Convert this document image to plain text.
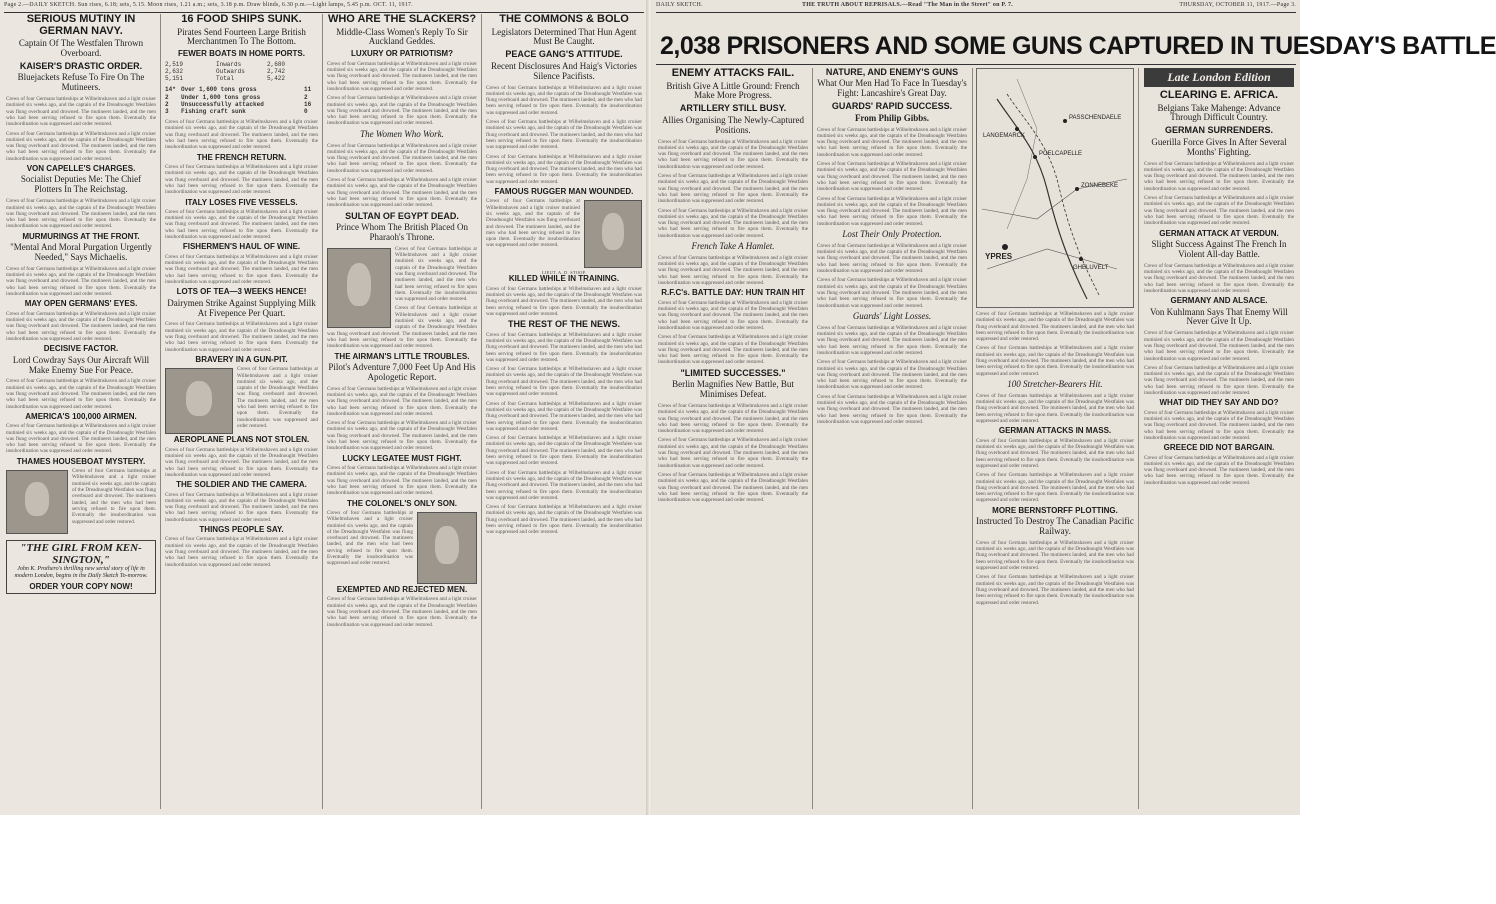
Page 2.—DAILY SKETCH. Sun rises, 6.18; sets, 5.15. Moon rises, 1.21 a.m.; sets, 3.18 p.m. Draw blinds, 6.30 p.m.—Light lamps, 5.45 p.m. OCT. 11, 1917.
SERIOUS MUTINY IN GERMAN NAVY.
Captain Of The Westfalen Thrown Overboard.
KAISER'S DRASTIC ORDER.
Bluejackets Refuse To Fire On The Mutineers.

Crews of four Germans battleships at Wilhelmshaven and a light cruiser mutinied six weeks ago, and the captain of the Dreadnought Westfalen was flung overboard and drowned. The mutineers landed, and the men who had been serving refused to fire upon them. Eventually the insubordination was suppressed and order restored.

Crews of four Germans battleships at Wilhelmshaven and a light cruiser mutinied six weeks ago, and the captain of the Dreadnought Westfalen was flung overboard and drowned. The mutineers landed, and the men who had been serving refused to fire upon them. Eventually the insubordination was suppressed and order restored.

VON CAPELLE'S CHARGES.
Socialist Deputies Me: The Chief Plotters In The Reichstag.

Crews of four Germans battleships at Wilhelmshaven and a light cruiser mutinied six weeks ago, and the captain of the Dreadnought Westfalen was flung overboard and drowned. The mutineers landed, and the men who had been serving refused to fire upon them. Eventually the insubordination was suppressed and order restored.

MURMURINGS AT THE FRONT.
"Mental And Moral Purgation Urgently Needed," Says Michaelis.

Crews of four Germans battleships at Wilhelmshaven and a light cruiser mutinied six weeks ago, and the captain of the Dreadnought Westfalen was flung overboard and drowned. The mutineers landed, and the men who had been serving refused to fire upon them. Eventually the insubordination was suppressed and order restored.

MAY OPEN GERMANS' EYES.

Crews of four Germans battleships at Wilhelmshaven and a light cruiser mutinied six weeks ago, and the captain of the Dreadnought Westfalen was flung overboard and drowned. The mutineers landed, and the men who had been serving refused to fire upon them. Eventually the insubordination was suppressed and order restored.

DECISIVE FACTOR.
Lord Cowdray Says Our Aircraft Will Make Enemy Sue For Peace.

Crews of four Germans battleships at Wilhelmshaven and a light cruiser mutinied six weeks ago, and the captain of the Dreadnought Westfalen was flung overboard and drowned. The mutineers landed, and the men who had been serving refused to fire upon them. Eventually the insubordination was suppressed and order restored.

AMERICA'S 100,000 AIRMEN.

Crews of four Germans battleships at Wilhelmshaven and a light cruiser mutinied six weeks ago, and the captain of the Dreadnought Westfalen was flung overboard and drowned. The mutineers landed, and the men who had been serving refused to fire upon them. Eventually the insubordination was suppressed and order restored.

THAMES HOUSEBOAT MYSTERY.

Crews of four Germans battleships at Wilhelmshaven and a light cruiser mutinied six weeks ago, and the captain of the Dreadnought Westfalen was flung overboard and drowned. The mutineers landed, and the men who had been serving refused to fire upon them. Eventually the insubordination was suppressed and order restored.

"THE GIRL FROM KEN-SINGTON,"
John K. Prothero's thrilling new serial story of life in modern London, begins in the Daily Sketch To-morrow.
ORDER YOUR COPY NOW!
16 FOOD SHIPS SUNK.
Pirates Send Fourteen Large British Merchantmen To The Bottom.
FEWER BOATS IN HOME PORTS.
2,519	Inwards	2,680
2,632	Outwards	2,742
5,151	Total	5,422
14* Over 1,600 tons gross	11
2	Under 1,600 tons gross	2
2	Unsuccessfully attacked	16
3	Fishing craft sunk	0

Crews of four Germans battleships at Wilhelmshaven and a light cruiser mutinied six weeks ago, and the captain of the Dreadnought Westfalen was flung overboard and drowned. The mutineers landed, and the men who had been serving refused to fire upon them. Eventually the insubordination was suppressed and order restored.

THE FRENCH RETURN.

Crews of four Germans battleships at Wilhelmshaven and a light cruiser mutinied six weeks ago, and the captain of the Dreadnought Westfalen was flung overboard and drowned. The mutineers landed, and the men who had been serving refused to fire upon them. Eventually the insubordination was suppressed and order restored.

ITALY LOSES FIVE VESSELS.

Crews of four Germans battleships at Wilhelmshaven and a light cruiser mutinied six weeks ago, and the captain of the Dreadnought Westfalen was flung overboard and drowned. The mutineers landed, and the men who had been serving refused to fire upon them. Eventually the insubordination was suppressed and order restored.

FISHERMEN'S HAUL OF WINE.

Crews of four Germans battleships at Wilhelmshaven and a light cruiser mutinied six weeks ago, and the captain of the Dreadnought Westfalen was flung overboard and drowned. The mutineers landed, and the men who had been serving refused to fire upon them. Eventually the insubordination was suppressed and order restored.

LOTS OF TEA—3 WEEKS HENCE!
Dairymen Strike Against Supplying Milk At Fivepence Per Quart.

Crews of four Germans battleships at Wilhelmshaven and a light cruiser mutinied six weeks ago, and the captain of the Dreadnought Westfalen was flung overboard and drowned. The mutineers landed, and the men who had been serving refused to fire upon them. Eventually the insubordination was suppressed and order restored.

BRAVERY IN A GUN-PIT.

Crews of four Germans battleships at Wilhelmshaven and a light cruiser mutinied six weeks ago, and the captain of the Dreadnought Westfalen was flung overboard and drowned. The mutineers landed, and the men who had been serving refused to fire upon them. Eventually the insubordination was suppressed and order restored.

AEROPLANE PLANS NOT STOLEN.

Crews of four Germans battleships at Wilhelmshaven and a light cruiser mutinied six weeks ago, and the captain of the Dreadnought Westfalen was flung overboard and drowned. The mutineers landed, and the men who had been serving refused to fire upon them. Eventually the insubordination was suppressed and order restored.

THE SOLDIER AND THE CAMERA.

Crews of four Germans battleships at Wilhelmshaven and a light cruiser mutinied six weeks ago, and the captain of the Dreadnought Westfalen was flung overboard and drowned. The mutineers landed, and the men who had been serving refused to fire upon them. Eventually the insubordination was suppressed and order restored.

THINGS PEOPLE SAY.

Crews of four Germans battleships at Wilhelmshaven and a light cruiser mutinied six weeks ago, and the captain of the Dreadnought Westfalen was flung overboard and drowned. The mutineers landed, and the men who had been serving refused to fire upon them. Eventually the insubordination was suppressed and order restored.

WHO ARE THE SLACKERS?
Middle-Class Women's Reply To Sir Auckland Geddes.
LUXURY OR PATRIOTISM?

Crews of four Germans battleships at Wilhelmshaven and a light cruiser mutinied six weeks ago, and the captain of the Dreadnought Westfalen was flung overboard and drowned. The mutineers landed, and the men who had been serving refused to fire upon them. Eventually the insubordination was suppressed and order restored.

Crews of four Germans battleships at Wilhelmshaven and a light cruiser mutinied six weeks ago, and the captain of the Dreadnought Westfalen was flung overboard and drowned. The mutineers landed, and the men who had been serving refused to fire upon them. Eventually the insubordination was suppressed and order restored.

The Women Who Work.

Crews of four Germans battleships at Wilhelmshaven and a light cruiser mutinied six weeks ago, and the captain of the Dreadnought Westfalen was flung overboard and drowned. The mutineers landed, and the men who had been serving refused to fire upon them. Eventually the insubordination was suppressed and order restored.

Crews of four Germans battleships at Wilhelmshaven and a light cruiser mutinied six weeks ago, and the captain of the Dreadnought Westfalen was flung overboard and drowned. The mutineers landed, and the men who had been serving refused to fire upon them. Eventually the insubordination was suppressed and order restored.

SULTAN OF EGYPT DEAD.
Prince Whom The British Placed On Pharaoh's Throne.

Crews of four Germans battleships at Wilhelmshaven and a light cruiser mutinied six weeks ago, and the captain of the Dreadnought Westfalen was flung overboard and drowned. The mutineers landed, and the men who had been serving refused to fire upon them. Eventually the insubordination was suppressed and order restored.

Crews of four Germans battleships at Wilhelmshaven and a light cruiser mutinied six weeks ago, and the captain of the Dreadnought Westfalen was flung overboard and drowned. The mutineers landed, and the men who had been serving refused to fire upon them. Eventually the insubordination was suppressed and order restored.

THE AIRMAN'S LITTLE TROUBLES.
Pilot's Adventure 7,000 Feet Up And His Apologetic Report.

Crews of four Germans battleships at Wilhelmshaven and a light cruiser mutinied six weeks ago, and the captain of the Dreadnought Westfalen was flung overboard and drowned. The mutineers landed, and the men who had been serving refused to fire upon them. Eventually the insubordination was suppressed and order restored.

Crews of four Germans battleships at Wilhelmshaven and a light cruiser mutinied six weeks ago, and the captain of the Dreadnought Westfalen was flung overboard and drowned. The mutineers landed, and the men who had been serving refused to fire upon them. Eventually the insubordination was suppressed and order restored.

LUCKY LEGATEE MUST FIGHT.

Crews of four Germans battleships at Wilhelmshaven and a light cruiser mutinied six weeks ago, and the captain of the Dreadnought Westfalen was flung overboard and drowned. The mutineers landed, and the men who had been serving refused to fire upon them. Eventually the insubordination was suppressed and order restored.

THE COLONEL'S ONLY SON.

Crews of four Germans battleships at Wilhelmshaven and a light cruiser mutinied six weeks ago, and the captain of the Dreadnought Westfalen was flung overboard and drowned. The mutineers landed, and the men who had been serving refused to fire upon them. Eventually the insubordination was suppressed and order restored.

EXEMPTED AND REJECTED MEN.

Crews of four Germans battleships at Wilhelmshaven and a light cruiser mutinied six weeks ago, and the captain of the Dreadnought Westfalen was flung overboard and drowned. The mutineers landed, and the men who had been serving refused to fire upon them. Eventually the insubordination was suppressed and order restored.

THE COMMONS & BOLO
Legislators Determined That Hun Agent Must Be Caught.
PEACE GANG'S ATTITUDE.
Recent Disclosures And Haig's Victories Silence Pacifists.

Crews of four Germans battleships at Wilhelmshaven and a light cruiser mutinied six weeks ago, and the captain of the Dreadnought Westfalen was flung overboard and drowned. The mutineers landed, and the men who had been serving refused to fire upon them. Eventually the insubordination was suppressed and order restored.

Crews of four Germans battleships at Wilhelmshaven and a light cruiser mutinied six weeks ago, and the captain of the Dreadnought Westfalen was flung overboard and drowned. The mutineers landed, and the men who had been serving refused to fire upon them. Eventually the insubordination was suppressed and order restored.

Crews of four Germans battleships at Wilhelmshaven and a light cruiser mutinied six weeks ago, and the captain of the Dreadnought Westfalen was flung overboard and drowned. The mutineers landed, and the men who had been serving refused to fire upon them. Eventually the insubordination was suppressed and order restored.

FAMOUS RUGGER MAN WOUNDED.

Crews of four Germans battleships at Wilhelmshaven and a light cruiser mutinied six weeks ago, and the captain of the Dreadnought Westfalen was flung overboard and drowned. The mutineers landed, and the men who had been serving refused to fire upon them. Eventually the insubordination was suppressed and order restored.

LIEUT. A. D. STOOP.
KILLED WHILE IN TRAINING.

Crews of four Germans battleships at Wilhelmshaven and a light cruiser mutinied six weeks ago, and the captain of the Dreadnought Westfalen was flung overboard and drowned. The mutineers landed, and the men who had been serving refused to fire upon them. Eventually the insubordination was suppressed and order restored.

THE REST OF THE NEWS.

Crews of four Germans battleships at Wilhelmshaven and a light cruiser mutinied six weeks ago, and the captain of the Dreadnought Westfalen was flung overboard and drowned. The mutineers landed, and the men who had been serving refused to fire upon them. Eventually the insubordination was suppressed and order restored.

Crews of four Germans battleships at Wilhelmshaven and a light cruiser mutinied six weeks ago, and the captain of the Dreadnought Westfalen was flung overboard and drowned. The mutineers landed, and the men who had been serving refused to fire upon them. Eventually the insubordination was suppressed and order restored.

Crews of four Germans battleships at Wilhelmshaven and a light cruiser mutinied six weeks ago, and the captain of the Dreadnought Westfalen was flung overboard and drowned. The mutineers landed, and the men who had been serving refused to fire upon them. Eventually the insubordination was suppressed and order restored.

Crews of four Germans battleships at Wilhelmshaven and a light cruiser mutinied six weeks ago, and the captain of the Dreadnought Westfalen was flung overboard and drowned. The mutineers landed, and the men who had been serving refused to fire upon them. Eventually the insubordination was suppressed and order restored.

Crews of four Germans battleships at Wilhelmshaven and a light cruiser mutinied six weeks ago, and the captain of the Dreadnought Westfalen was flung overboard and drowned. The mutineers landed, and the men who had been serving refused to fire upon them. Eventually the insubordination was suppressed and order restored.

Crews of four Germans battleships at Wilhelmshaven and a light cruiser mutinied six weeks ago, and the captain of the Dreadnought Westfalen was flung overboard and drowned. The mutineers landed, and the men who had been serving refused to fire upon them. Eventually the insubordination was suppressed and order restored.

DAILY SKETCH.	THE TRUTH ABOUT REPRISALS.—Read "The Man in the Street" on P. 7.	THURSDAY, OCTOBER 11, 1917.—Page 3.
2,038 PRISONERS AND SOME GUNS CAPTURED IN TUESDAY'S BATTLE
ENEMY ATTACKS FAIL.
British Give A Little Ground: French Make More Progress.
ARTILLERY STILL BUSY.
Allies Organising The Newly-Captured Positions.

Crews of four Germans battleships at Wilhelmshaven and a light cruiser mutinied six weeks ago, and the captain of the Dreadnought Westfalen was flung overboard and drowned. The mutineers landed, and the men who had been serving refused to fire upon them. Eventually the insubordination was suppressed and order restored.

Crews of four Germans battleships at Wilhelmshaven and a light cruiser mutinied six weeks ago, and the captain of the Dreadnought Westfalen was flung overboard and drowned. The mutineers landed, and the men who had been serving refused to fire upon them. Eventually the insubordination was suppressed and order restored.

Crews of four Germans battleships at Wilhelmshaven and a light cruiser mutinied six weeks ago, and the captain of the Dreadnought Westfalen was flung overboard and drowned. The mutineers landed, and the men who had been serving refused to fire upon them. Eventually the insubordination was suppressed and order restored.

French Take A Hamlet.

Crews of four Germans battleships at Wilhelmshaven and a light cruiser mutinied six weeks ago, and the captain of the Dreadnought Westfalen was flung overboard and drowned. The mutineers landed, and the men who had been serving refused to fire upon them. Eventually the insubordination was suppressed and order restored.

R.F.C's. BATTLE DAY: HUN TRAIN HIT

Crews of four Germans battleships at Wilhelmshaven and a light cruiser mutinied six weeks ago, and the captain of the Dreadnought Westfalen was flung overboard and drowned. The mutineers landed, and the men who had been serving refused to fire upon them. Eventually the insubordination was suppressed and order restored.

Crews of four Germans battleships at Wilhelmshaven and a light cruiser mutinied six weeks ago, and the captain of the Dreadnought Westfalen was flung overboard and drowned. The mutineers landed, and the men who had been serving refused to fire upon them. Eventually the insubordination was suppressed and order restored.

"LIMITED SUCCESSES."
Berlin Magnifies New Battle, But Minimises Defeat.

Crews of four Germans battleships at Wilhelmshaven and a light cruiser mutinied six weeks ago, and the captain of the Dreadnought Westfalen was flung overboard and drowned. The mutineers landed, and the men who had been serving refused to fire upon them. Eventually the insubordination was suppressed and order restored.

Crews of four Germans battleships at Wilhelmshaven and a light cruiser mutinied six weeks ago, and the captain of the Dreadnought Westfalen was flung overboard and drowned. The mutineers landed, and the men who had been serving refused to fire upon them. Eventually the insubordination was suppressed and order restored.

Crews of four Germans battleships at Wilhelmshaven and a light cruiser mutinied six weeks ago, and the captain of the Dreadnought Westfalen was flung overboard and drowned. The mutineers landed, and the men who had been serving refused to fire upon them. Eventually the insubordination was suppressed and order restored.

NATURE, AND ENEMY'S GUNS
What Our Men Had To Face In Tuesday's Fight: Lancashire's Great Day.
GUARDS' RAPID SUCCESS.
From Philip Gibbs.

Crews of four Germans battleships at Wilhelmshaven and a light cruiser mutinied six weeks ago, and the captain of the Dreadnought Westfalen was flung overboard and drowned. The mutineers landed, and the men who had been serving refused to fire upon them. Eventually the insubordination was suppressed and order restored.

Crews of four Germans battleships at Wilhelmshaven and a light cruiser mutinied six weeks ago, and the captain of the Dreadnought Westfalen was flung overboard and drowned. The mutineers landed, and the men who had been serving refused to fire upon them. Eventually the insubordination was suppressed and order restored.

Crews of four Germans battleships at Wilhelmshaven and a light cruiser mutinied six weeks ago, and the captain of the Dreadnought Westfalen was flung overboard and drowned. The mutineers landed, and the men who had been serving refused to fire upon them. Eventually the insubordination was suppressed and order restored.

Lost Their Only Protection.

Crews of four Germans battleships at Wilhelmshaven and a light cruiser mutinied six weeks ago, and the captain of the Dreadnought Westfalen was flung overboard and drowned. The mutineers landed, and the men who had been serving refused to fire upon them. Eventually the insubordination was suppressed and order restored.

Crews of four Germans battleships at Wilhelmshaven and a light cruiser mutinied six weeks ago, and the captain of the Dreadnought Westfalen was flung overboard and drowned. The mutineers landed, and the men who had been serving refused to fire upon them. Eventually the insubordination was suppressed and order restored.

Guards' Light Losses.

Crews of four Germans battleships at Wilhelmshaven and a light cruiser mutinied six weeks ago, and the captain of the Dreadnought Westfalen was flung overboard and drowned. The mutineers landed, and the men who had been serving refused to fire upon them. Eventually the insubordination was suppressed and order restored.

Crews of four Germans battleships at Wilhelmshaven and a light cruiser mutinied six weeks ago, and the captain of the Dreadnought Westfalen was flung overboard and drowned. The mutineers landed, and the men who had been serving refused to fire upon them. Eventually the insubordination was suppressed and order restored.

Crews of four Germans battleships at Wilhelmshaven and a light cruiser mutinied six weeks ago, and the captain of the Dreadnought Westfalen was flung overboard and drowned. The mutineers landed, and the men who had been serving refused to fire upon them. Eventually the insubordination was suppressed and order restored.

PASSCHENDAELE
POELCAPELLE
LANGEMARCK
ZONNEBEKE
YPRES
GHELUVELT

Crews of four Germans battleships at Wilhelmshaven and a light cruiser mutinied six weeks ago, and the captain of the Dreadnought Westfalen was flung overboard and drowned. The mutineers landed, and the men who had been serving refused to fire upon them. Eventually the insubordination was suppressed and order restored.

Crews of four Germans battleships at Wilhelmshaven and a light cruiser mutinied six weeks ago, and the captain of the Dreadnought Westfalen was flung overboard and drowned. The mutineers landed, and the men who had been serving refused to fire upon them. Eventually the insubordination was suppressed and order restored.

100 Stretcher-Bearers Hit.

Crews of four Germans battleships at Wilhelmshaven and a light cruiser mutinied six weeks ago, and the captain of the Dreadnought Westfalen was flung overboard and drowned. The mutineers landed, and the men who had been serving refused to fire upon them. Eventually the insubordination was suppressed and order restored.

GERMAN ATTACKS IN MASS.

Crews of four Germans battleships at Wilhelmshaven and a light cruiser mutinied six weeks ago, and the captain of the Dreadnought Westfalen was flung overboard and drowned. The mutineers landed, and the men who had been serving refused to fire upon them. Eventually the insubordination was suppressed and order restored.

Crews of four Germans battleships at Wilhelmshaven and a light cruiser mutinied six weeks ago, and the captain of the Dreadnought Westfalen was flung overboard and drowned. The mutineers landed, and the men who had been serving refused to fire upon them. Eventually the insubordination was suppressed and order restored.

MORE BERNSTORFF PLOTTING.
Instructed To Destroy The Canadian Pacific Railway.

Crews of four Germans battleships at Wilhelmshaven and a light cruiser mutinied six weeks ago, and the captain of the Dreadnought Westfalen was flung overboard and drowned. The mutineers landed, and the men who had been serving refused to fire upon them. Eventually the insubordination was suppressed and order restored.

Crews of four Germans battleships at Wilhelmshaven and a light cruiser mutinied six weeks ago, and the captain of the Dreadnought Westfalen was flung overboard and drowned. The mutineers landed, and the men who had been serving refused to fire upon them. Eventually the insubordination was suppressed and order restored.

Late London Edition
CLEARING E. AFRICA.
Belgians Take Mahenge: Advance Through Difficult Country.
GERMAN SURRENDERS.
Guerilla Force Gives In After Several Months' Fighting.

Crews of four Germans battleships at Wilhelmshaven and a light cruiser mutinied six weeks ago, and the captain of the Dreadnought Westfalen was flung overboard and drowned. The mutineers landed, and the men who had been serving refused to fire upon them. Eventually the insubordination was suppressed and order restored.

Crews of four Germans battleships at Wilhelmshaven and a light cruiser mutinied six weeks ago, and the captain of the Dreadnought Westfalen was flung overboard and drowned. The mutineers landed, and the men who had been serving refused to fire upon them. Eventually the insubordination was suppressed and order restored.

GERMAN ATTACK AT VERDUN.
Slight Success Against The French In Violent All-day Battle.

Crews of four Germans battleships at Wilhelmshaven and a light cruiser mutinied six weeks ago, and the captain of the Dreadnought Westfalen was flung overboard and drowned. The mutineers landed, and the men who had been serving refused to fire upon them. Eventually the insubordination was suppressed and order restored.

GERMANY AND ALSACE.
Von Kuhlmann Says That Enemy Will Never Give It Up.

Crews of four Germans battleships at Wilhelmshaven and a light cruiser mutinied six weeks ago, and the captain of the Dreadnought Westfalen was flung overboard and drowned. The mutineers landed, and the men who had been serving refused to fire upon them. Eventually the insubordination was suppressed and order restored.

Crews of four Germans battleships at Wilhelmshaven and a light cruiser mutinied six weeks ago, and the captain of the Dreadnought Westfalen was flung overboard and drowned. The mutineers landed, and the men who had been serving refused to fire upon them. Eventually the insubordination was suppressed and order restored.

WHAT DID THEY SAY AND DO?

Crews of four Germans battleships at Wilhelmshaven and a light cruiser mutinied six weeks ago, and the captain of the Dreadnought Westfalen was flung overboard and drowned. The mutineers landed, and the men who had been serving refused to fire upon them. Eventually the insubordination was suppressed and order restored.

GREECE DID NOT BARGAIN.

Crews of four Germans battleships at Wilhelmshaven and a light cruiser mutinied six weeks ago, and the captain of the Dreadnought Westfalen was flung overboard and drowned. The mutineers landed, and the men who had been serving refused to fire upon them. Eventually the insubordination was suppressed and order restored.
